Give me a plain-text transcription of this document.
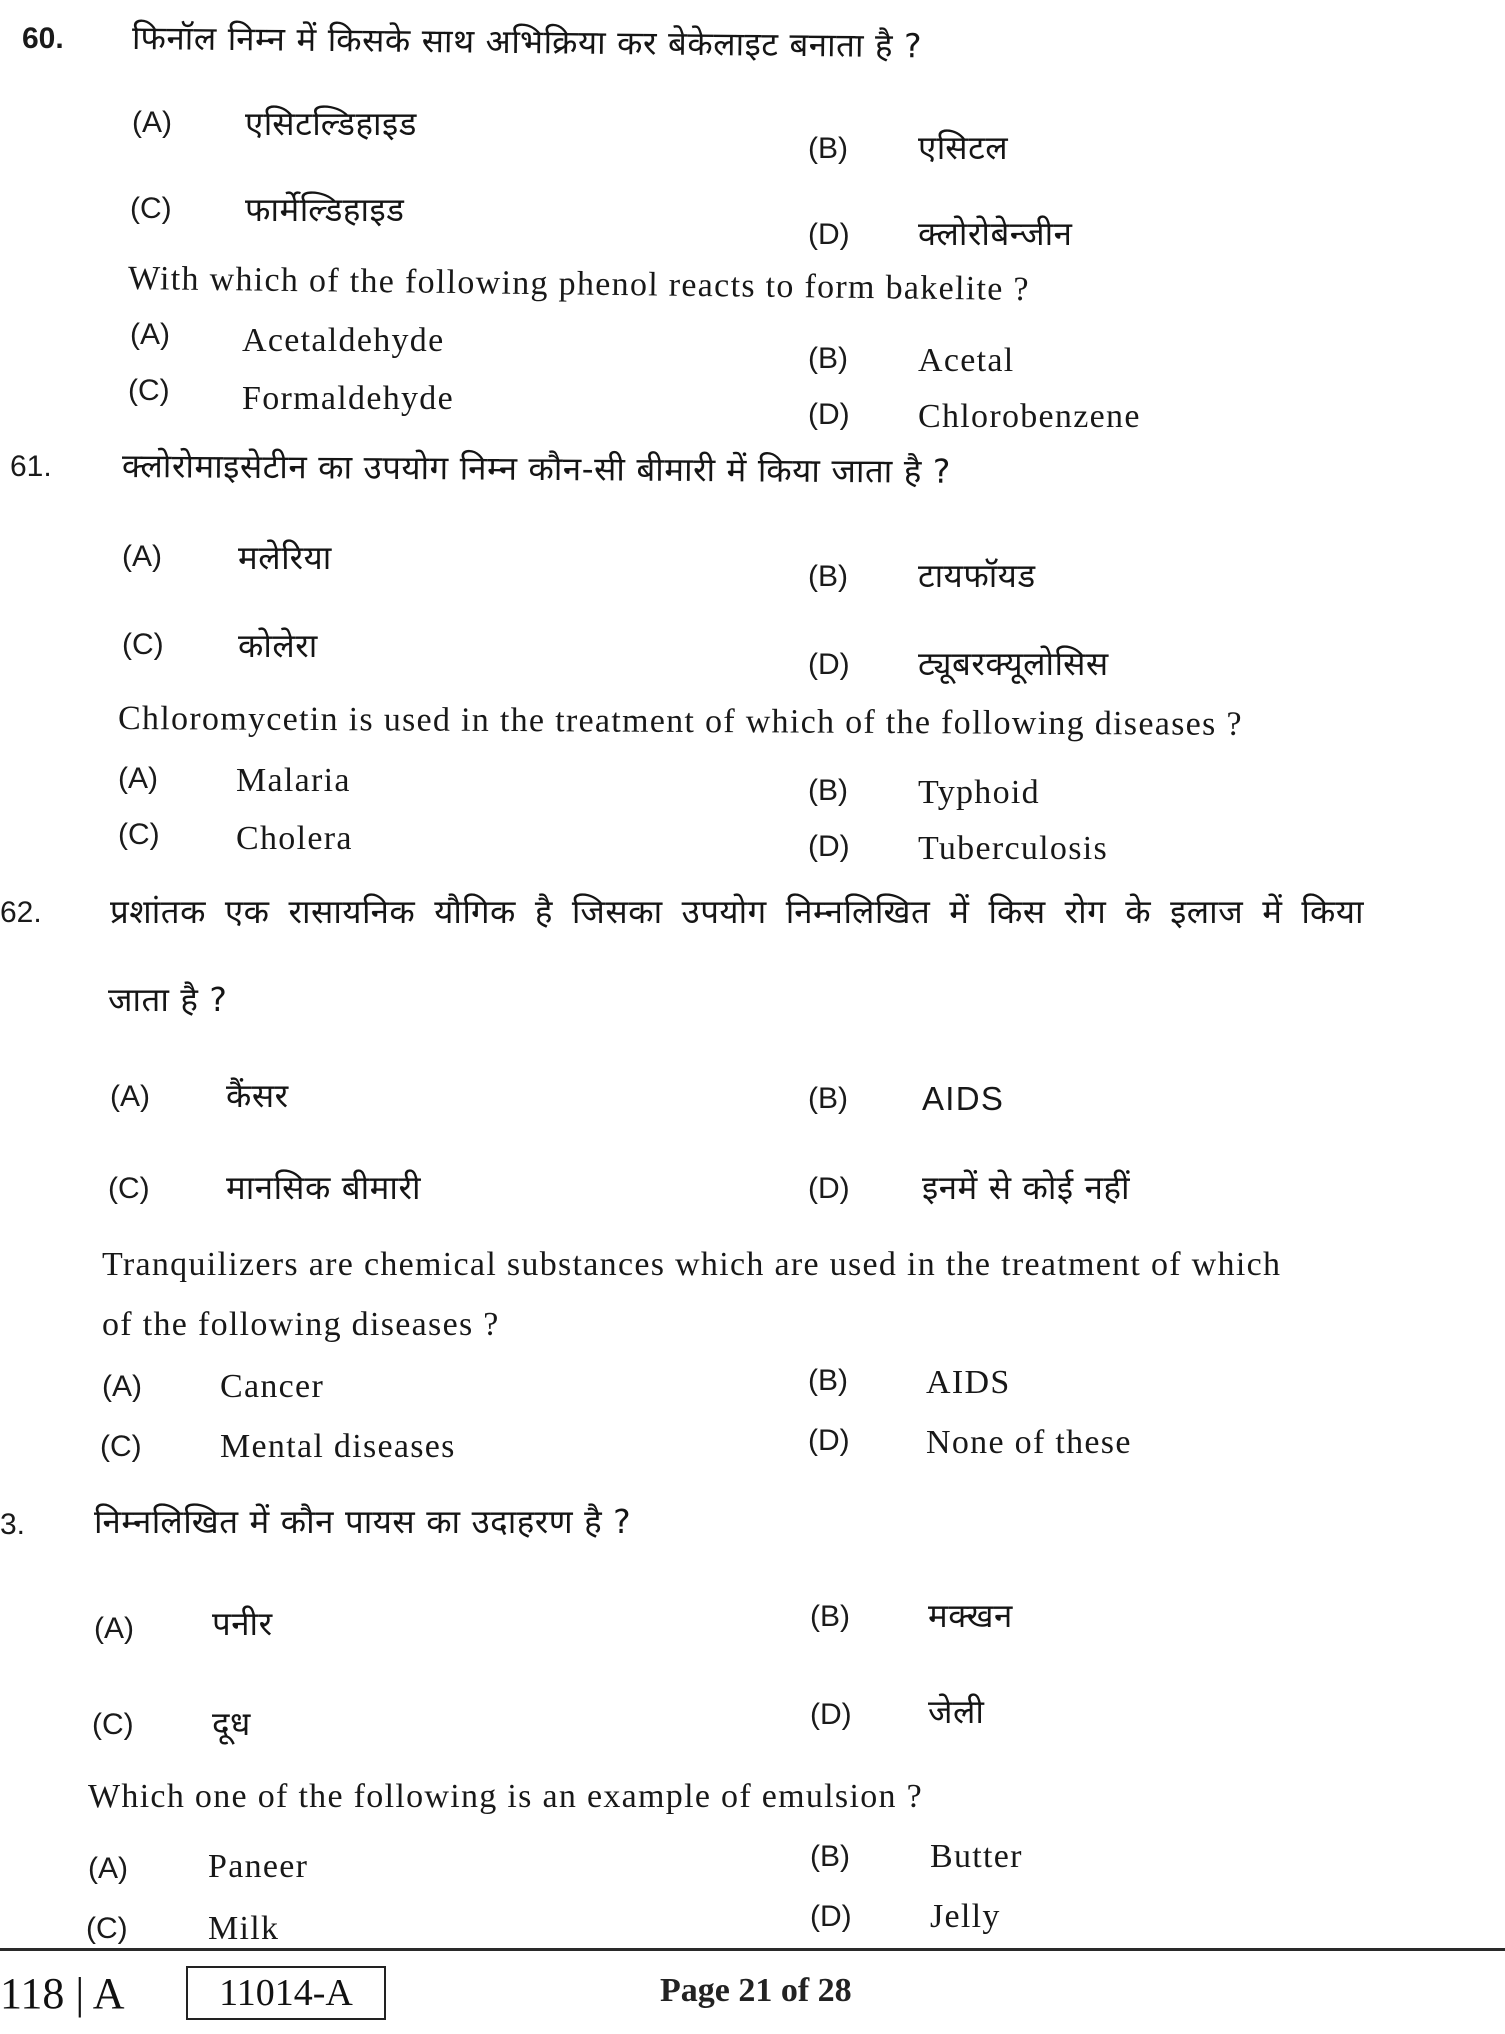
60. फिनॉल निम्न में किसके साथ अभिक्रिया कर बेकेलाइट बनाता है ?
(A) एसिटल्डिहाइड
(B) एसिटल
(C) फार्मेल्डिहाइड
(D) क्लोरोबेन्जीन
With which of the following phenol reacts to form bakelite ?
(A) Acetaldehyde	(B) Acetal
(C) Formaldehyde	(D) Chlorobenzene
61. क्लोरोमाइसेटीन का उपयोग निम्न कौन-सी बीमारी में किया जाता है ?
(A) मलेरिया	(B) टायफॉयड
(C) कोलेरा	(D) ट्यूबरक्यूलोसिस
Chloromycetin is used in the treatment of which of the following diseases ?
(A) Malaria	(B) Typhoid
(C) Cholera	(D) Tuberculosis
62. प्रशांतक एक रासायनिक यौगिक है जिसका उपयोग निम्नलिखित में किस रोग के इलाज में किया
जाता है ?
(A) कैंसर	(B) AIDS
(C) मानसिक बीमारी	(D) इनमें से कोई नहीं
Tranquilizers are chemical substances which are used in the treatment of which
of the following diseases ?
(A) Cancer	(B) AIDS
(C) Mental diseases	(D) None of these
3. निम्नलिखित में कौन पायस का उदाहरण है ?
(A) पनीर	(B) मक्खन
(C) दूध	(D) जेली
Which one of the following is an example of emulsion ?
(A) Paneer	(B) Butter
(C) Milk	(D) Jelly
118 | A	11014-A	Page 21 of 28
